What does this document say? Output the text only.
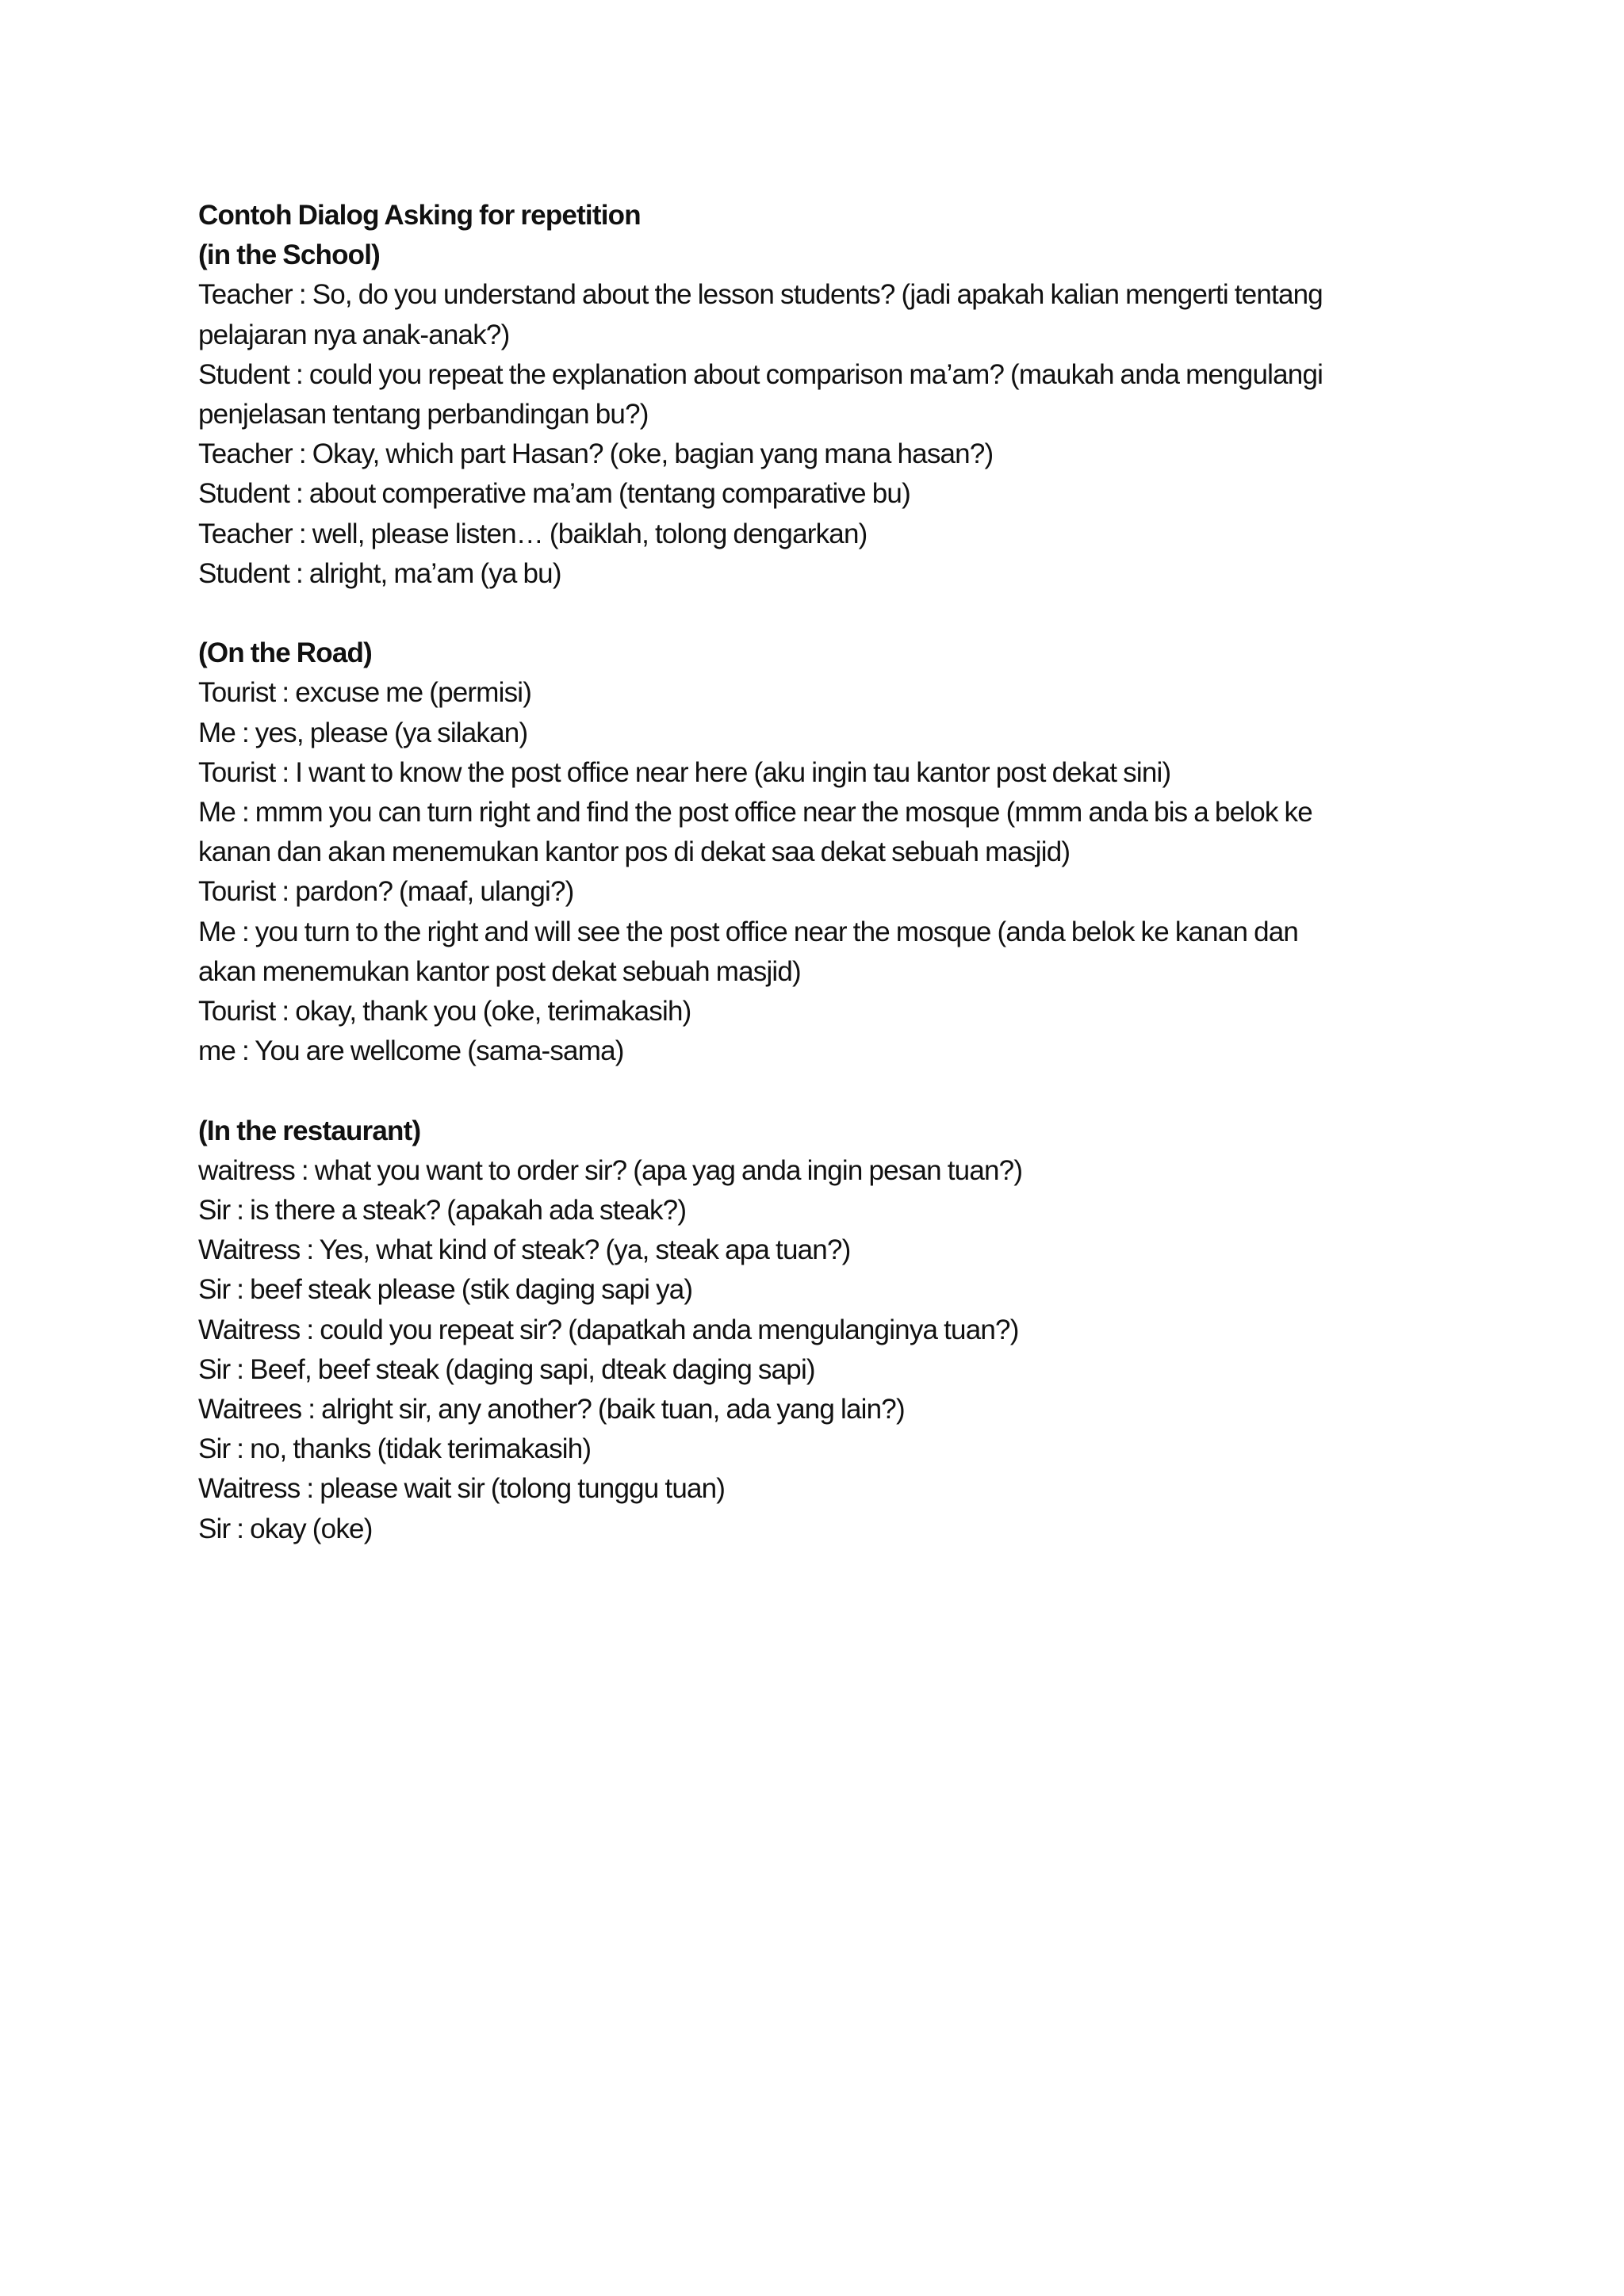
Contoh Dialog Asking for repetition

(in the School)

Teacher : So, do you understand about the lesson students? (jadi apakah kalian mengerti tentang

pelajaran nya anak-anak?)

Student : could you repeat the explanation about comparison ma’am? (maukah anda mengulangi

penjelasan tentang perbandingan bu?)

Teacher : Okay, which part Hasan? (oke, bagian yang mana hasan?)

Student : about comperative ma’am (tentang comparative bu)

Teacher : well, please listen… (baiklah, tolong dengarkan)

Student : alright, ma’am (ya bu)

(On the Road)

Tourist : excuse me (permisi)

Me : yes, please (ya silakan)

Tourist : I want to know the post office near here (aku ingin tau kantor post dekat sini)

Me : mmm you can turn right and find the post office near the mosque (mmm anda bis a belok ke

kanan dan akan menemukan kantor pos di dekat saa dekat sebuah masjid)

Tourist : pardon? (maaf, ulangi?)

Me : you turn to the right and will see the post office near the mosque (anda belok ke kanan dan

akan menemukan kantor post dekat sebuah masjid)

Tourist : okay, thank you (oke, terimakasih)

me : You are wellcome (sama-sama)

(In the restaurant)

waitress : what you want to order sir? (apa yag anda ingin pesan tuan?)

Sir : is there a steak? (apakah ada steak?)

Waitress : Yes, what kind of steak? (ya, steak apa tuan?)

Sir : beef steak please (stik daging sapi ya)

Waitress : could you repeat sir? (dapatkah anda mengulanginya tuan?)

Sir : Beef, beef steak (daging sapi, dteak daging sapi)

Waitrees : alright sir, any another? (baik tuan, ada yang lain?)

Sir : no, thanks (tidak terimakasih)

Waitress : please wait sir (tolong tunggu tuan)

Sir : okay (oke)
